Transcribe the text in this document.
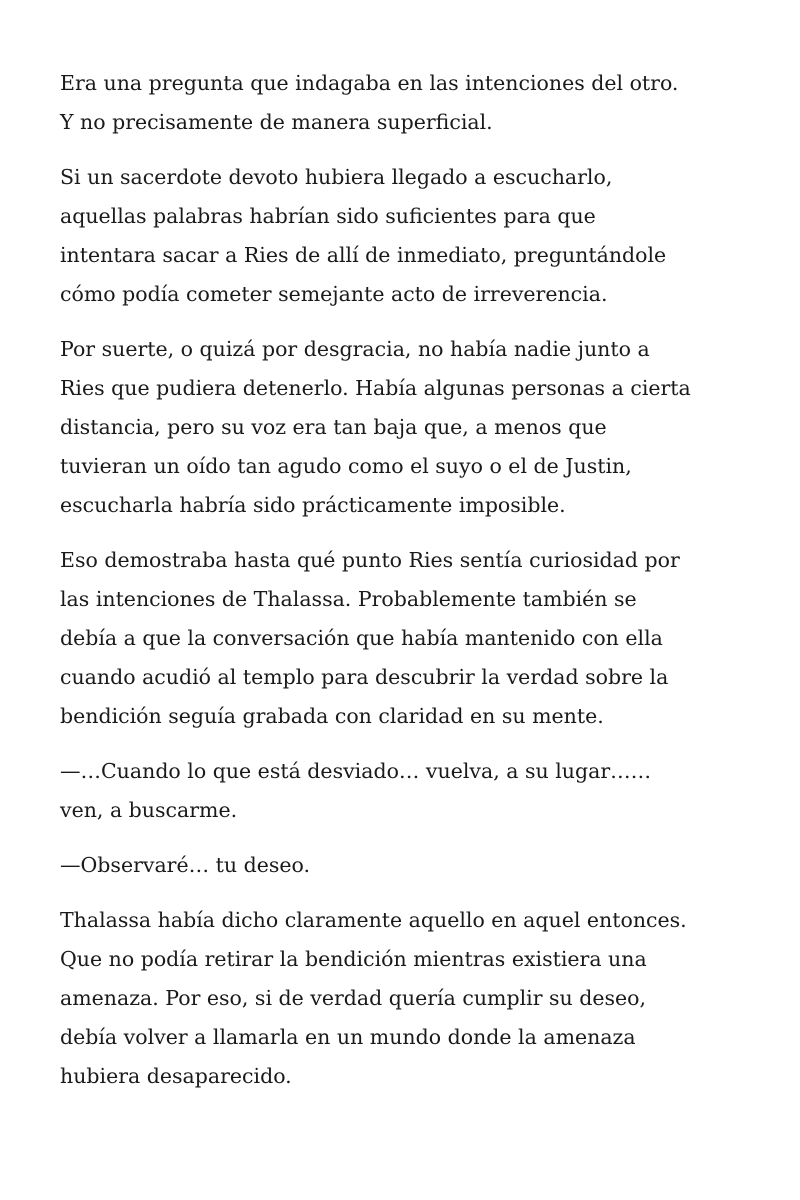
Era una pregunta que indagaba en las intenciones del otro.
Y no precisamente de manera superficial.

Si un sacerdote devoto hubiera llegado a escucharlo,
aquellas palabras habrían sido suficientes para que
intentara sacar a Ries de allí de inmediato, preguntándole
cómo podía cometer semejante acto de irreverencia.

Por suerte, o quizá por desgracia, no había nadie junto a
Ries que pudiera detenerlo. Había algunas personas a cierta
distancia, pero su voz era tan baja que, a menos que
tuvieran un oído tan agudo como el suyo o el de Justin,
escucharla habría sido prácticamente imposible.

Eso demostraba hasta qué punto Ries sentía curiosidad por
las intenciones de Thalassa. Probablemente también se
debía a que la conversación que había mantenido con ella
cuando acudió al templo para descubrir la verdad sobre la
bendición seguía grabada con claridad en su mente.

—…Cuando lo que está desviado… vuelva, a su lugar……
ven, a buscarme.

—Observaré… tu deseo.

Thalassa había dicho claramente aquello en aquel entonces.
Que no podía retirar la bendición mientras existiera una
amenaza. Por eso, si de verdad quería cumplir su deseo,
debía volver a llamarla en un mundo donde la amenaza
hubiera desaparecido.
